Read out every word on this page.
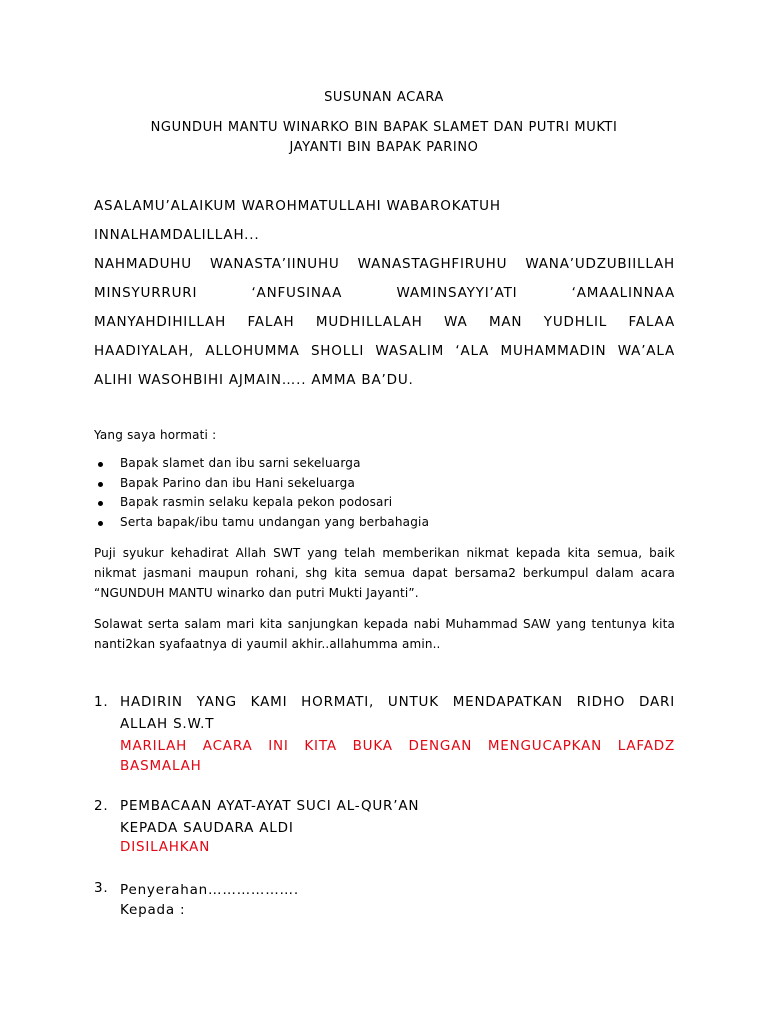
SUSUNAN ACARA
NGUNDUH MANTU WINARKO BIN BAPAK SLAMET DAN PUTRI MUKTI
JAYANTI BIN BAPAK PARINO
ASALAMU’ALAIKUM WAROHMATULLAHI WABAROKATUH
INNALHAMDALILLAH...
NAHMADUHU WANASTA’IINUHU WANASTAGHFIRUHU WANA’UDZUBIILLAH
MINSYURRURI ‘ANFUSINAA WAMINSAYYI’ATI ‘AMAALINNAA
MANYAHDIHILLAH FALAH MUDHILLALAH WA MAN YUDHLIL FALAA
HAADIYALAH, ALLOHUMMA SHOLLI WASALIM ‘ALA MUHAMMADIN WA’ALA
ALIHI WASOHBIHI AJMAIN….. AMMA BA’DU.
Yang saya hormati :
Bapak slamet dan ibu sarni sekeluarga
Bapak Parino dan ibu Hani sekeluarga
Bapak rasmin selaku kepala pekon podosari
Serta bapak/ibu tamu undangan yang berbahagia
Puji syukur kehadirat Allah SWT yang telah memberikan nikmat kepada kita semua, baik nikmat jasmani maupun rohani, shg kita semua dapat bersama2 berkumpul dalam acara “NGUNDUH MANTU winarko dan putri Mukti Jayanti”.
Solawat serta salam mari kita sanjungkan kepada nabi Muhammad SAW yang tentunya kita nanti2kan syafaatnya di yaumil akhir..allahumma amin..
1. HADIRIN YANG KAMI HORMATI, UNTUK MENDAPATKAN RIDHO DARI
ALLAH S.W.T
MARILAH ACARA INI KITA BUKA DENGAN MENGUCAPKAN LAFADZ
BASMALAH
2. PEMBACAAN AYAT-AYAT SUCI AL-QUR’AN
KEPADA SAUDARA ALDI
DISILAHKAN
3. Penyerahan……………….
Kepada :
